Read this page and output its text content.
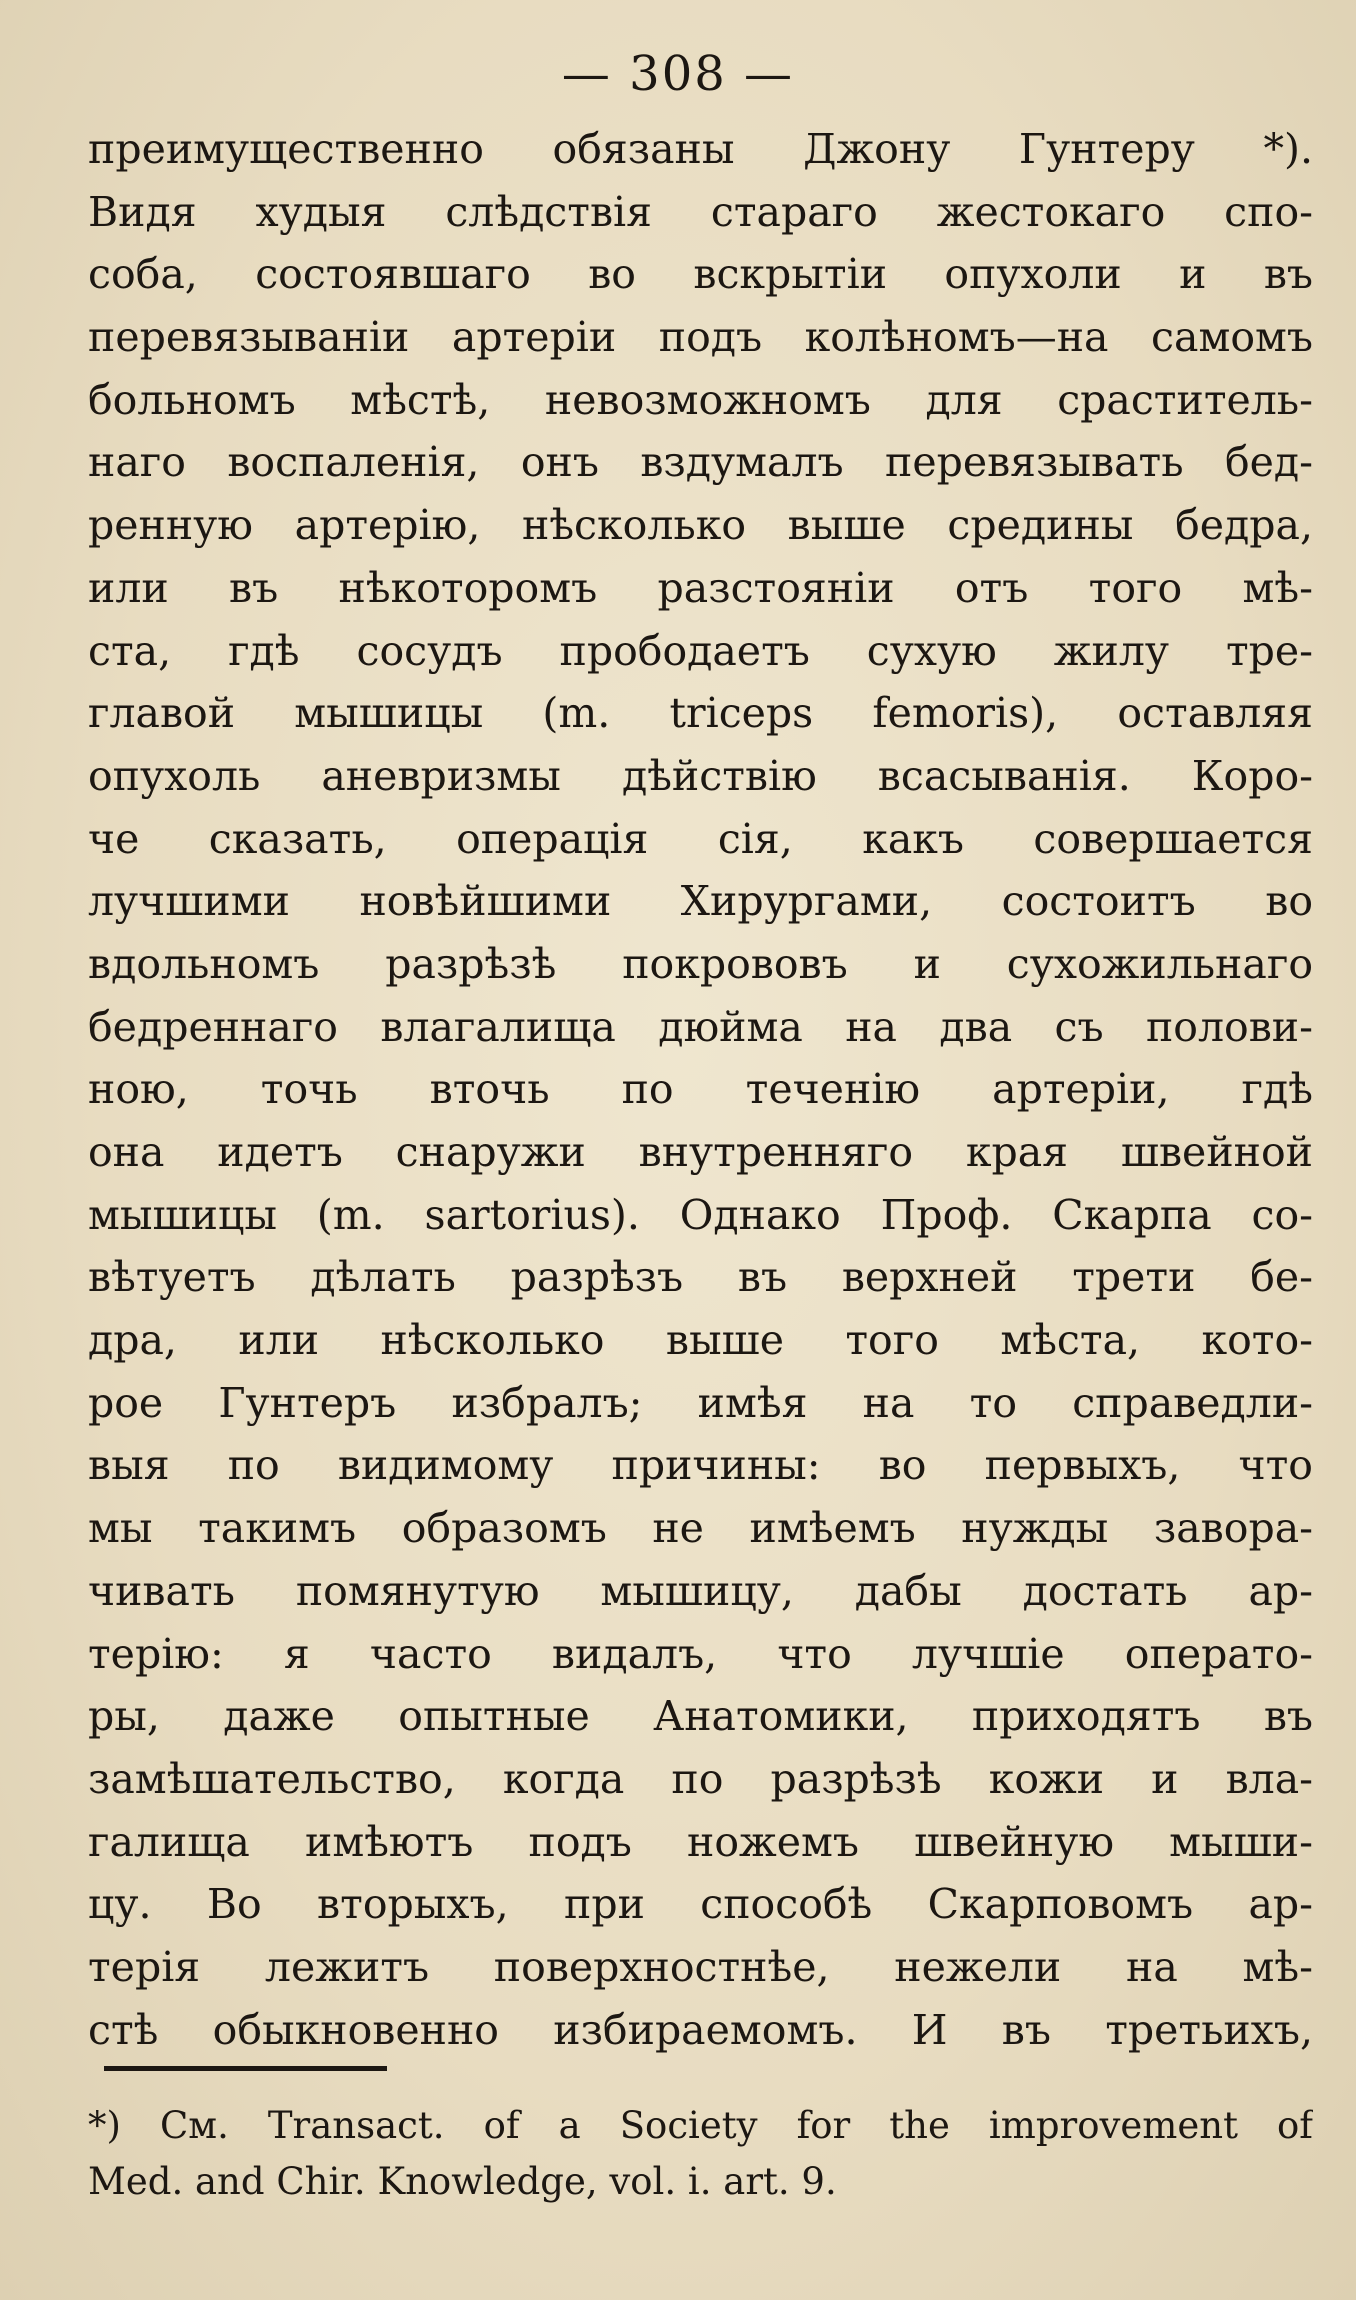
— 308 —
преимущественно обязаны Джону Гунтеру *).
Видя худыя слѣдствія стараго жестокаго спо-
соба, состоявшаго во вскрытіи опухоли и въ
перевязываніи артеріи подъ колѣномъ—на самомъ
больномъ мѣстѣ, невозможномъ для сраститель-
наго воспаленія, онъ вздумалъ перевязывать бед-
ренную артерію, нѣсколько выше средины бедра,
или въ нѣкоторомъ разстояніи отъ того мѣ-
ста, гдѣ сосудъ прободаетъ сухую жилу тре-
главой мышицы (m. triceps femoris), оставляя
опухоль аневризмы дѣйствію всасыванія. Коро-
че сказать, операція сія, какъ совершается
лучшими новѣйшими Хирургами, состоитъ во
вдольномъ разрѣзѣ покрововъ и сухожильнаго
бедреннаго влагалища дюйма на два съ полови-
ною, точь вточь по теченію артеріи, гдѣ
она идетъ снаружи внутренняго края швейной
мышицы (m. sartorius). Однако Проф. Скарпа со-
вѣтуетъ дѣлать разрѣзъ въ верхней трети бе-
дра, или нѣсколько выше того мѣста, кото-
рое Гунтеръ избралъ; имѣя на то справедли-
выя по видимому причины: во первыхъ, что
мы такимъ образомъ не имѣемъ нужды завора-
чивать помянутую мышицу, дабы достать ар-
терію: я часто видалъ, что лучшіе операто-
ры, даже опытные Анатомики, приходятъ въ
замѣшательство, когда по разрѣзѣ кожи и вла-
галища имѣютъ подъ ножемъ швейную мыши-
цу. Во вторыхъ, при способѣ Скарповомъ ар-
терія лежитъ поверхностнѣе, нежели на мѣ-
стѣ обыкновенно избираемомъ. И въ третьихъ,
*) См. Transact. of a Society for the improvement of
Med. and Chir. Knowledge, vol. i. art. 9.
